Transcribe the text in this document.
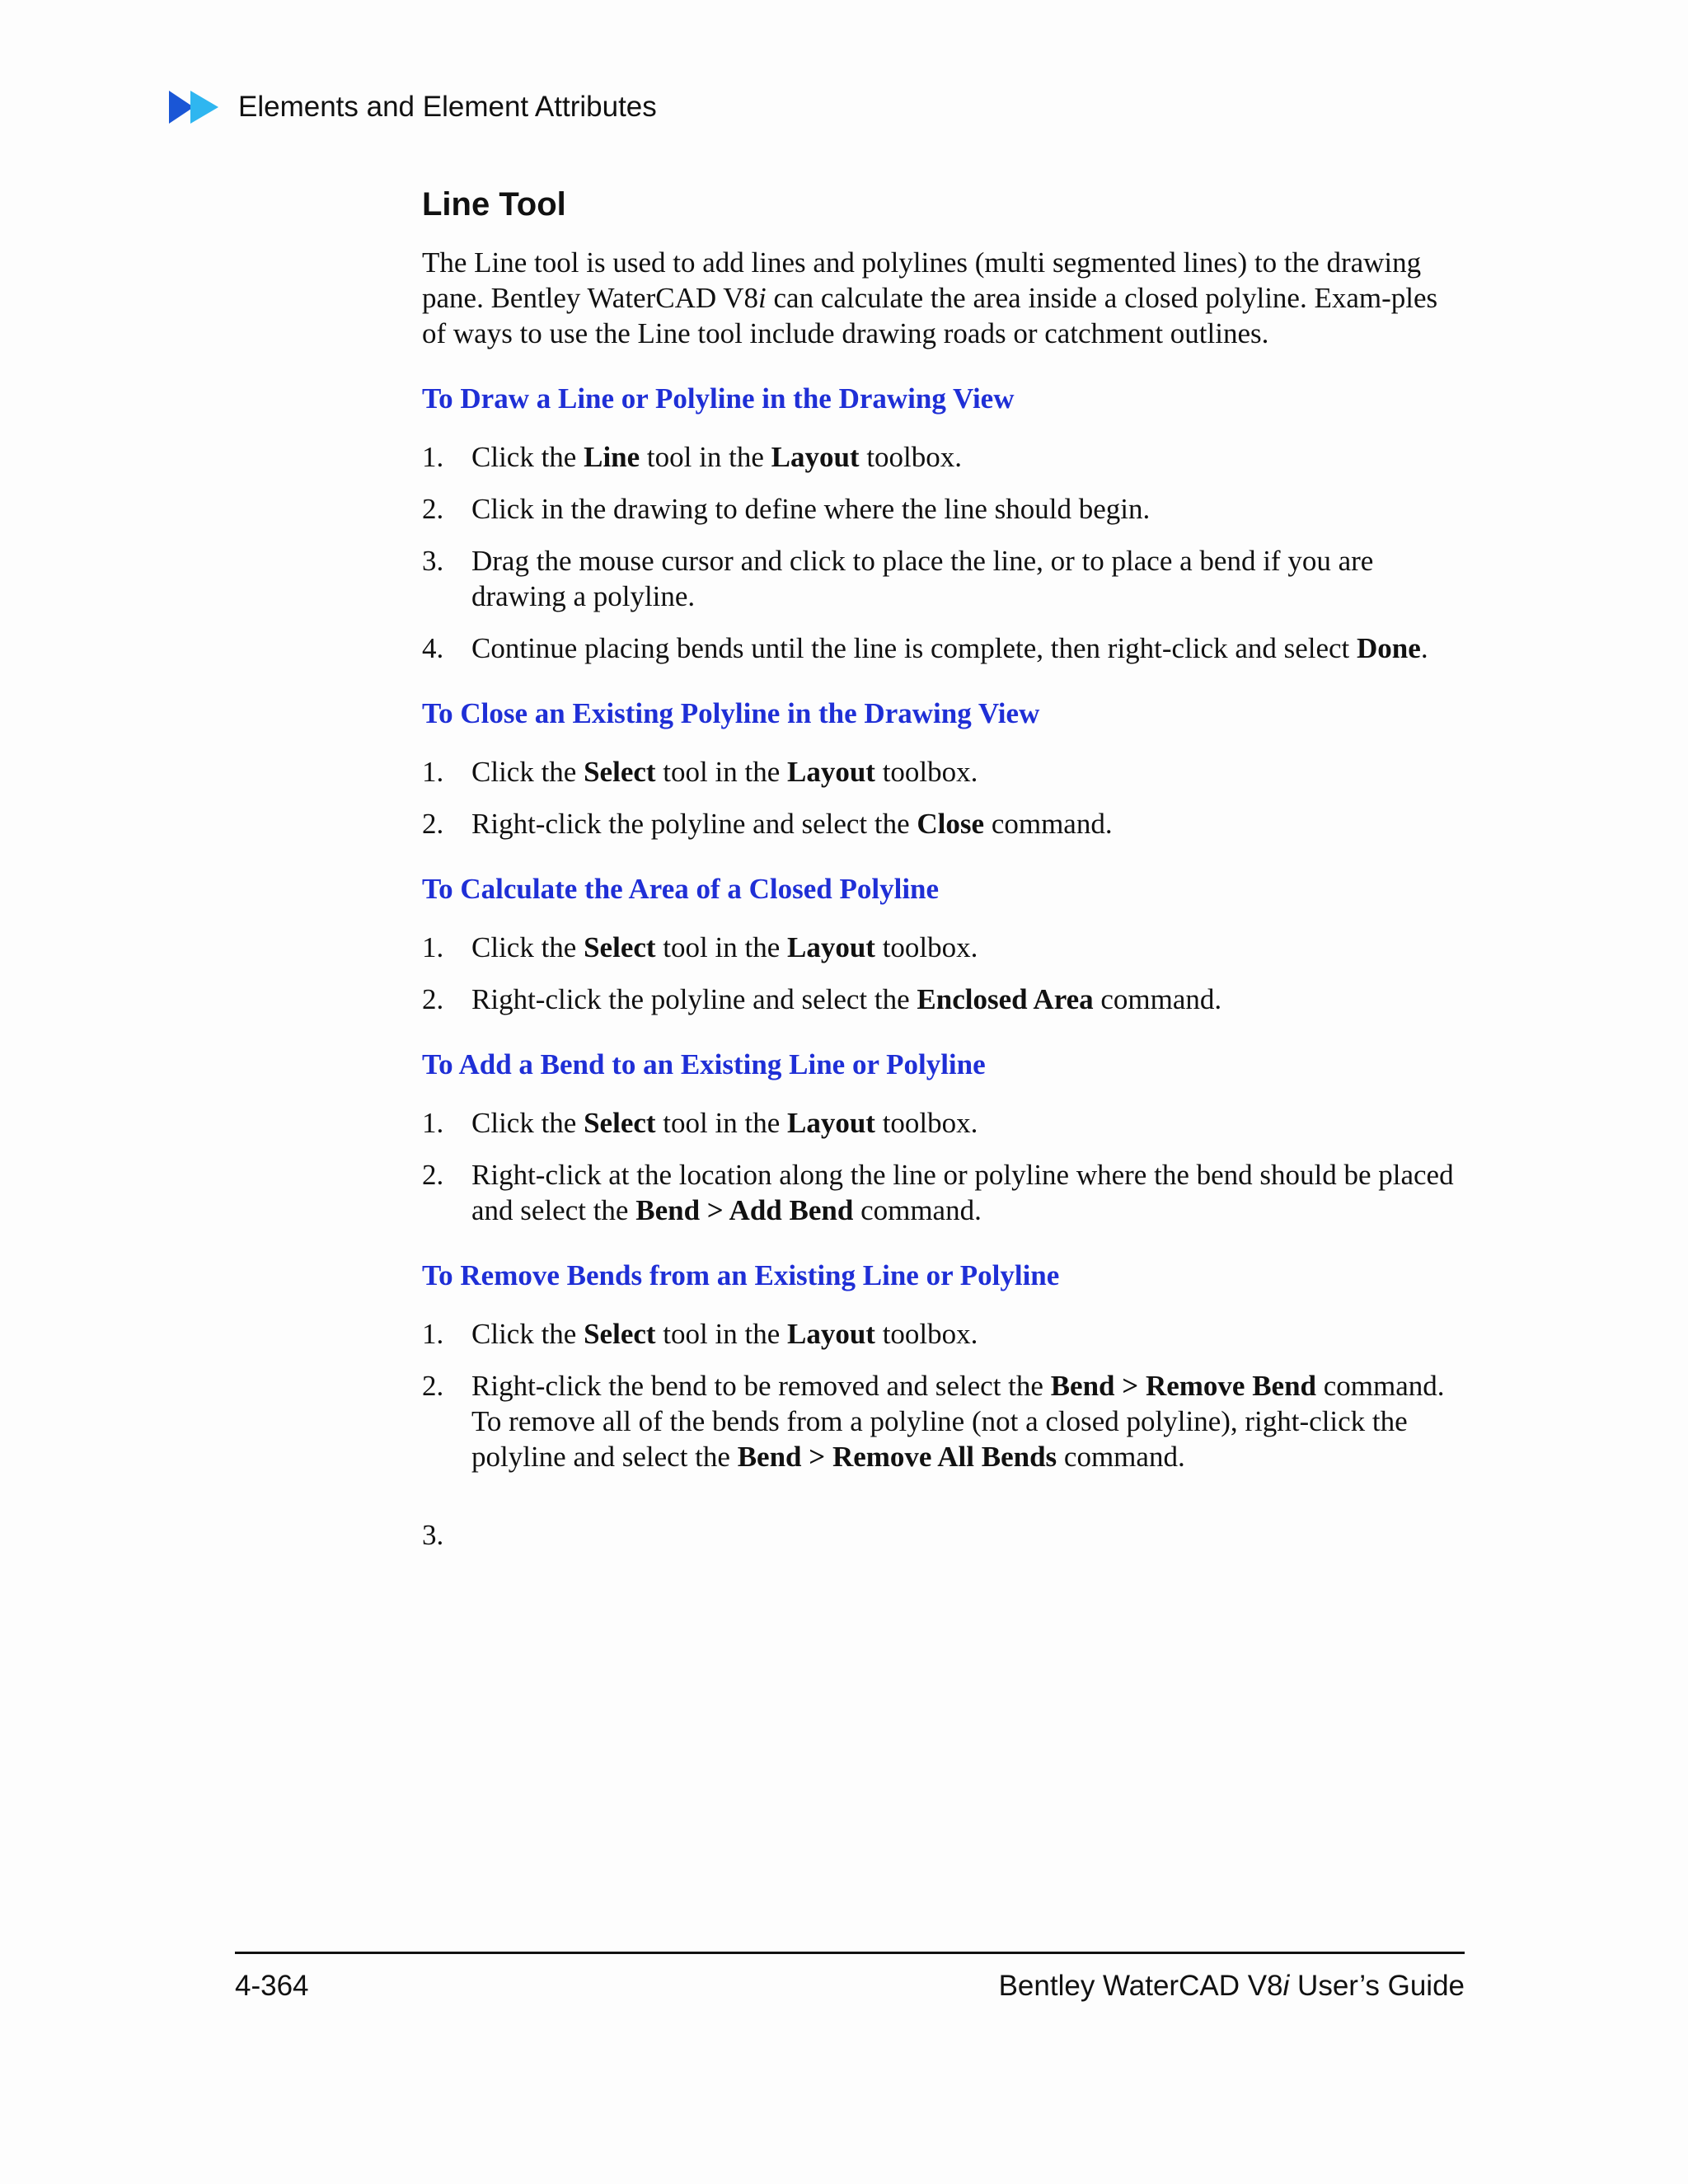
Elements and Element Attributes
Line Tool

The Line tool is used to add lines and polylines (multi segmented lines) to the drawing pane. Bentley WaterCAD V8i can calculate the area inside a closed polyline. Exam-ples of ways to use the Line tool include drawing roads or catchment outlines.

To Draw a Line or Polyline in the Drawing View
1. Click the Line tool in the Layout toolbox.
2. Click in the drawing to define where the line should begin.
3. Drag the mouse cursor and click to place the line, or to place a bend if you are drawing a polyline.
4. Continue placing bends until the line is complete, then right-click and select Done.
To Close an Existing Polyline in the Drawing View
1. Click the Select tool in the Layout toolbox.
2. Right-click the polyline and select the Close command.
To Calculate the Area of a Closed Polyline
1. Click the Select tool in the Layout toolbox.
2. Right-click the polyline and select the Enclosed Area command.
To Add a Bend to an Existing Line or Polyline
1. Click the Select tool in the Layout toolbox.
2. Right-click at the location along the line or polyline where the bend should be placed and select the Bend > Add Bend command.
To Remove Bends from an Existing Line or Polyline
1. Click the Select tool in the Layout toolbox.
2. Right-click the bend to be removed and select the Bend > Remove Bend command. To remove all of the bends from a polyline (not a closed polyline), right-click the polyline and select the Bend > Remove All Bends command.
3.
4-364	Bentley WaterCAD V8i User’s Guide
